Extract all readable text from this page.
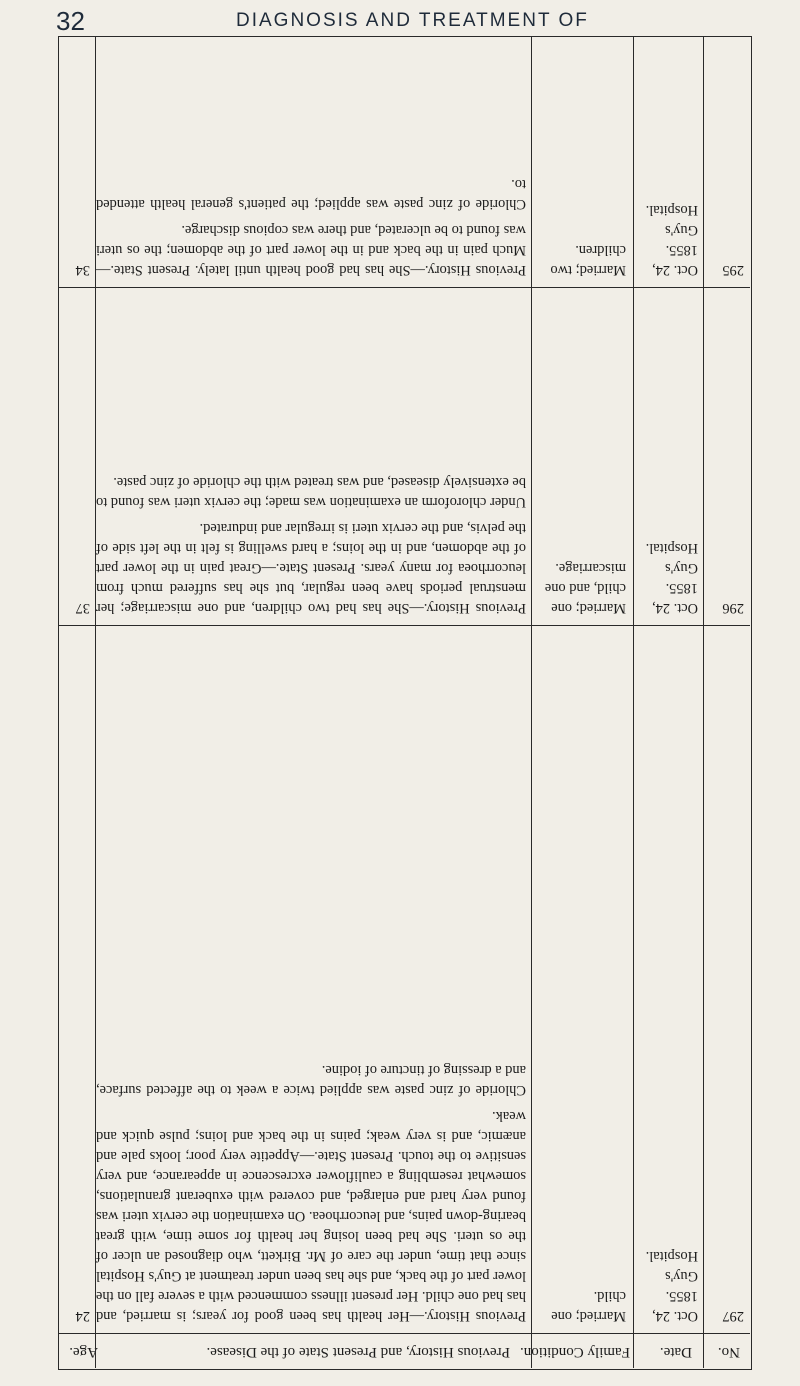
32	DIAGNOSIS AND TREATMENT OF
No.
Date.
Family Condition.
Previous History, and Present State of the Disease.
Age.
297
Oct. 24, 1855.
Guy's Hospital.
Married; one child.
Previous History.—Her health has been good for years; is married, and has had one child. Her present illness commenced with a severe fall on the lower part of the back, and she has been under treatment at Guy's Hospital since that time, under the care of Mr. Birkett, who diagnosed an ulcer of the os uteri. She had been losing her health for some time, with great bearing-down pains, and leucorrhoea. On examination the cervix uteri was found very hard and enlarged, and covered with exuberant granulations, somewhat resembling a cauliflower excrescence in appearance, and very sensitive to the touch. Present State.—Appetite very poor; looks pale and anæmic, and is very weak; pains in the back and loins; pulse quick and weak.
Chloride of zinc paste was applied twice a week to the affected surface, and a dressing of tincture of iodine.
24
296
Oct. 24, 1855.
Guy's Hospital.
Married; one child, and one miscarriage.
Previous History.—She has had two children, and one miscarriage; her menstrual periods have been regular, but she has suffered much from leucorrhoea for many years. Present State.—Great pain in the lower part of the abdomen, and in the loins; a hard swelling is felt in the left side of the pelvis, and the cervix uteri is irregular and indurated.
Under chloroform an examination was made; the cervix uteri was found to be extensively diseased, and was treated with the chloride of zinc paste.
37
295
Oct. 24, 1855.
Guy's Hospital.
Married; two children.
Previous History.—She has had good health until lately. Present State.—Much pain in the back and in the lower part of the abdomen; the os uteri was found to be ulcerated, and there was copious discharge.
Chloride of zinc paste was applied; the patient's general health attended to.
34
